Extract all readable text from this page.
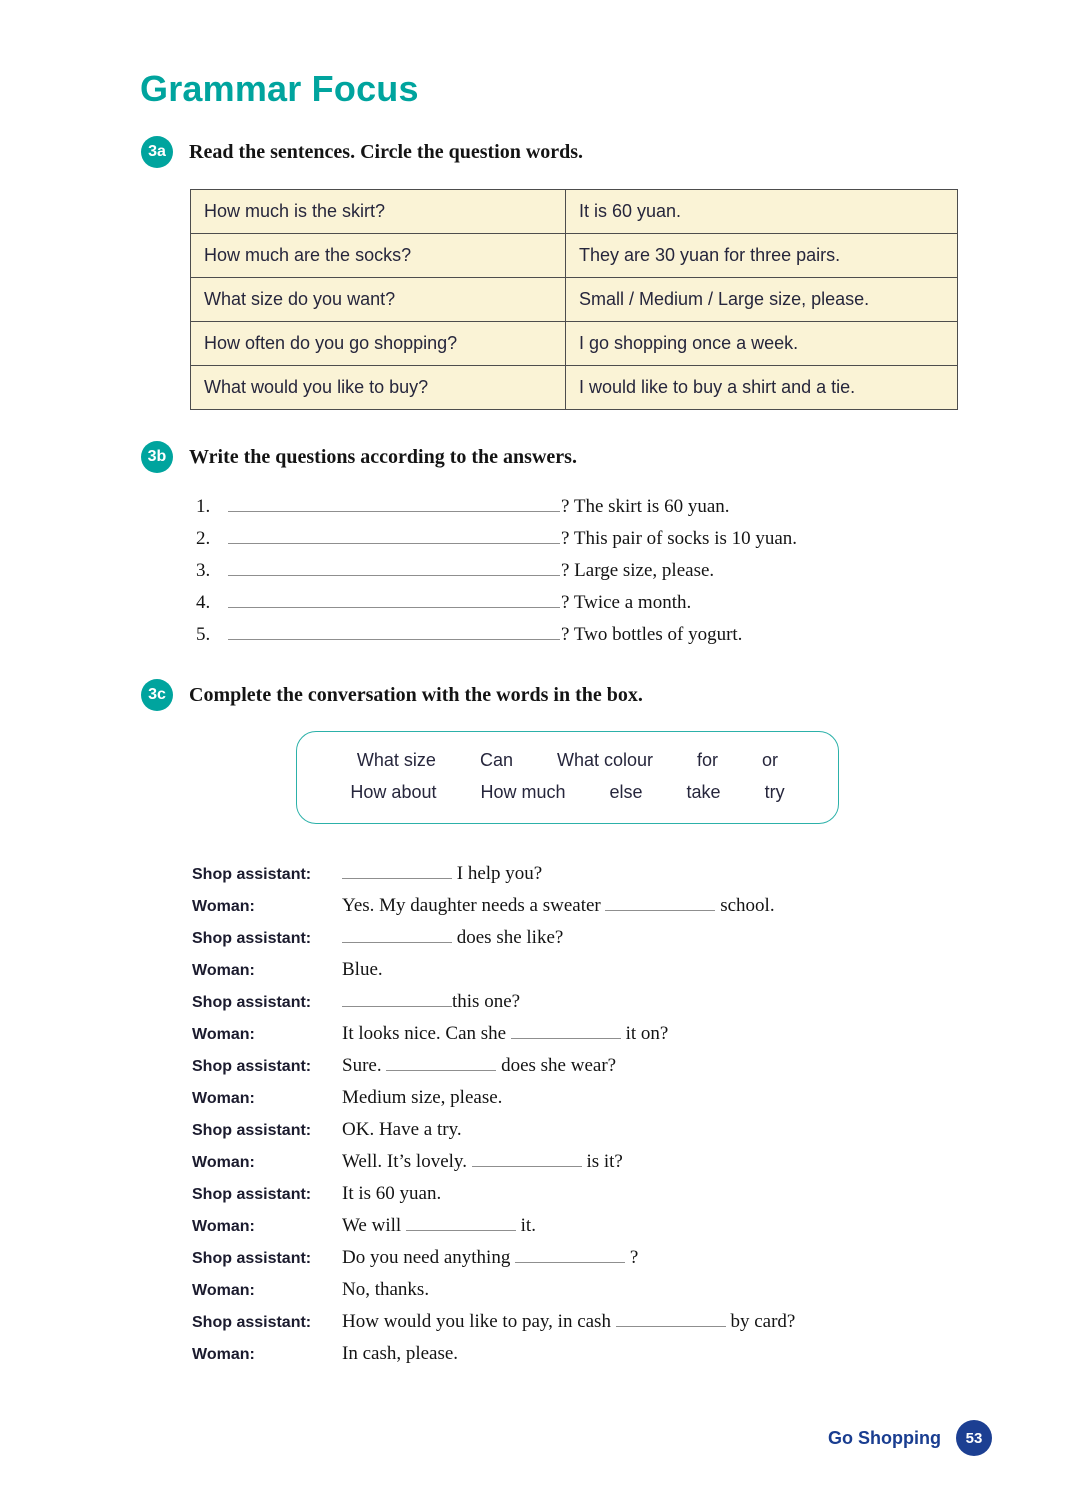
Grammar Focus
3a	Read the sentences. Circle the question words.
How much is the skirt?	It is 60 yuan.
How much are the socks?	They are 30 yuan for three pairs.
What size do you want?	Small / Medium / Large size, please.
How often do you go shopping?	I go shopping once a week.
What would you like to buy?	I would like to buy a shirt and a tie.
3b	Write the questions according to the answers.
1.	? The skirt is 60 yuan.
2.	? This pair of socks is 10 yuan.
3.	? Large size, please.
4.	? Twice a month.
5.	? Two bottles of yogurt.
3c	Complete the conversation with the words in the box.
What size Can What colour for or
How about How much else take try
Shop assistant:	I help you?
Woman:	Yes. My daughter needs a sweater	school.
Shop assistant:	does she like?
Woman:	Blue.
Shop assistant:	this one?
Woman:	It looks nice. Can she	it on?
Shop assistant:	Sure.	does she wear?
Woman:	Medium size, please.
Shop assistant:	OK. Have a try.
Woman:	Well. It’s lovely.	is it?
Shop assistant:	It is 60 yuan.
Woman:	We will	it.
Shop assistant:	Do you need anything	?
Woman:	No, thanks.
Shop assistant:	How would you like to pay, in cash	by card?
Woman:	In cash, please.
Go Shopping	53
